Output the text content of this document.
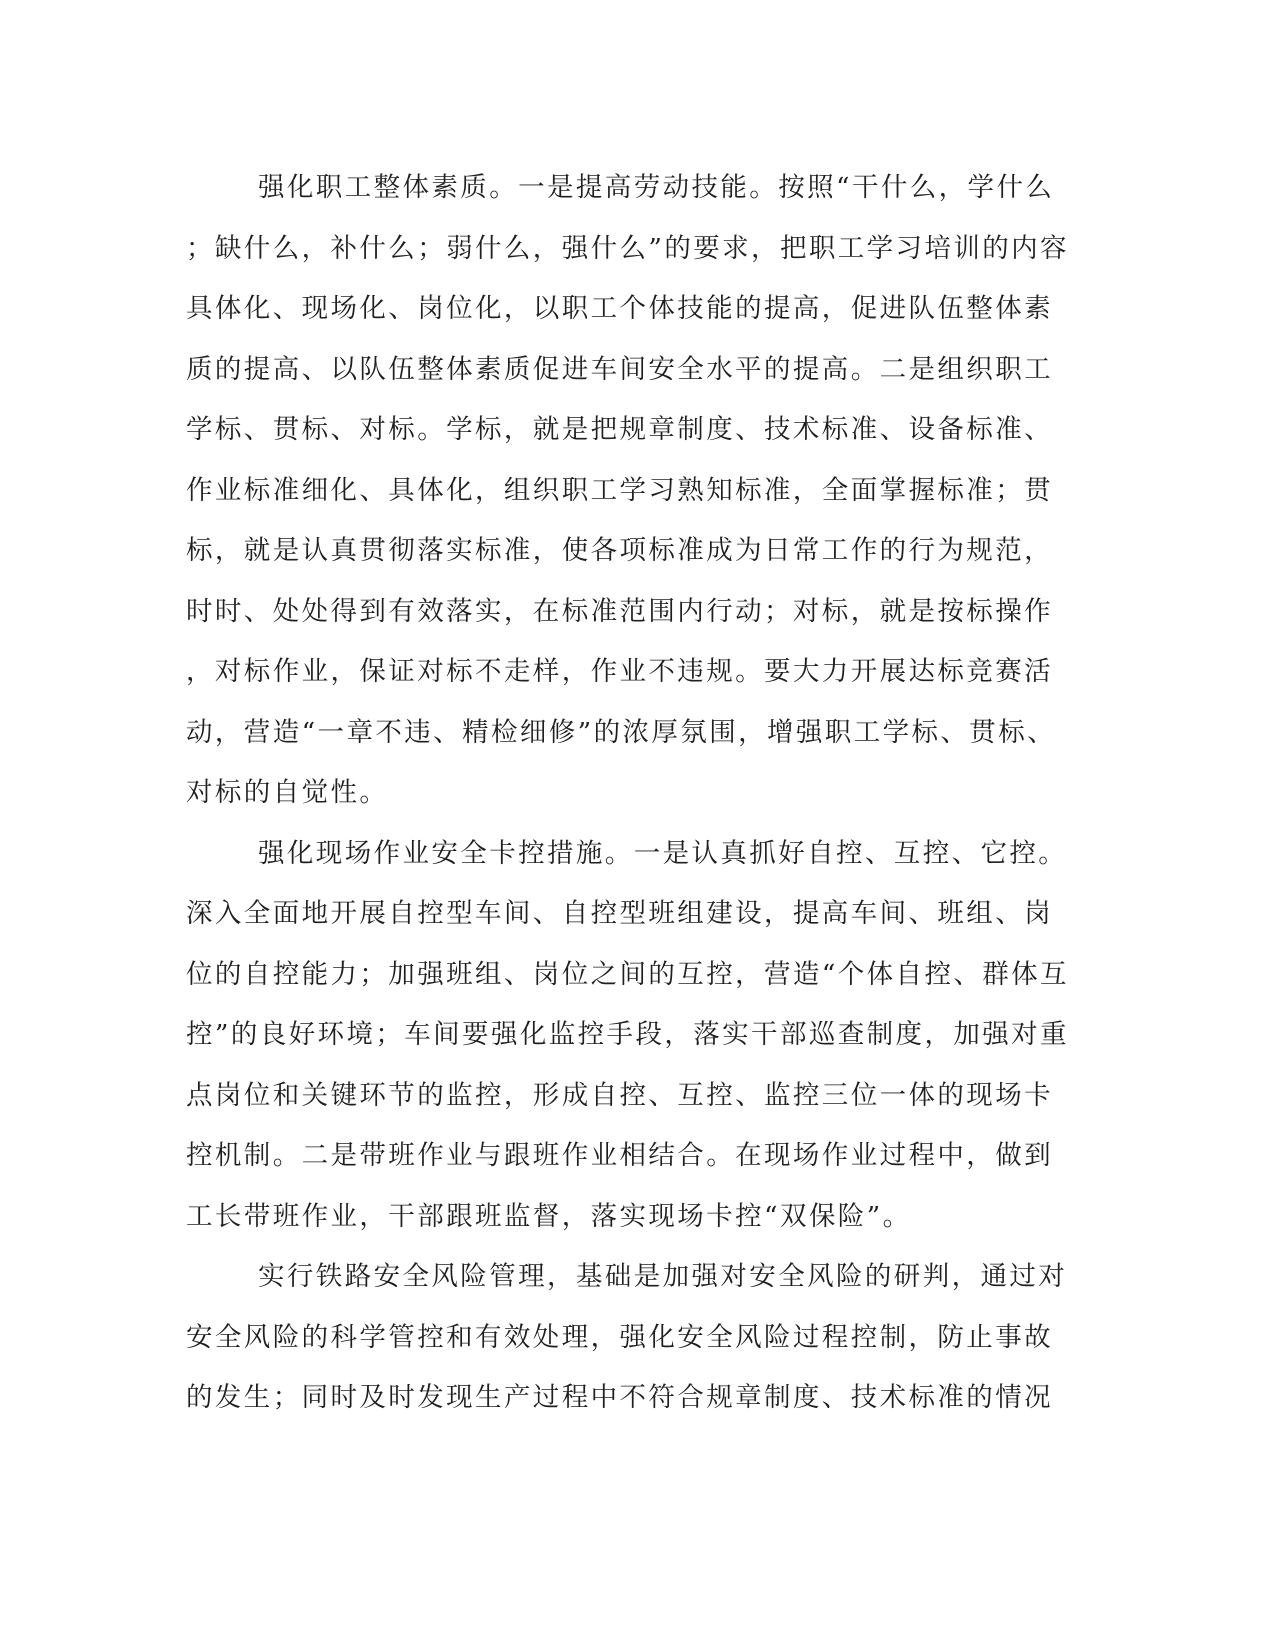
强化职工整体素质。一是提高劳动技能。按照“干什么，学什么
；缺什么，补什么；弱什么，强什么”的要求，把职工学习培训的内容
具体化、现场化、岗位化，以职工个体技能的提高，促进队伍整体素
质的提高、以队伍整体素质促进车间安全水平的提高。二是组织职工
学标、贯标、对标。学标，就是把规章制度、技术标准、设备标准、
作业标准细化、具体化，组织职工学习熟知标准，全面掌握标准；贯
标，就是认真贯彻落实标准，使各项标准成为日常工作的行为规范，
时时、处处得到有效落实，在标准范围内行动；对标，就是按标操作
，对标作业，保证对标不走样，作业不违规。要大力开展达标竞赛活
动，营造“一章不违、精检细修”的浓厚氛围，增强职工学标、贯标、
对标的自觉性。
强化现场作业安全卡控措施。一是认真抓好自控、互控、它控。
深入全面地开展自控型车间、自控型班组建设，提高车间、班组、岗
位的自控能力；加强班组、岗位之间的互控，营造“个体自控、群体互
控”的良好环境；车间要强化监控手段，落实干部巡查制度，加强对重
点岗位和关键环节的监控，形成自控、互控、监控三位一体的现场卡
控机制。二是带班作业与跟班作业相结合。在现场作业过程中，做到
工长带班作业，干部跟班监督，落实现场卡控“双保险”。
实行铁路安全风险管理，基础是加强对安全风险的研判，通过对
安全风险的科学管控和有效处理，强化安全风险过程控制，防止事故
的发生；同时及时发现生产过程中不符合规章制度、技术标准的情况
